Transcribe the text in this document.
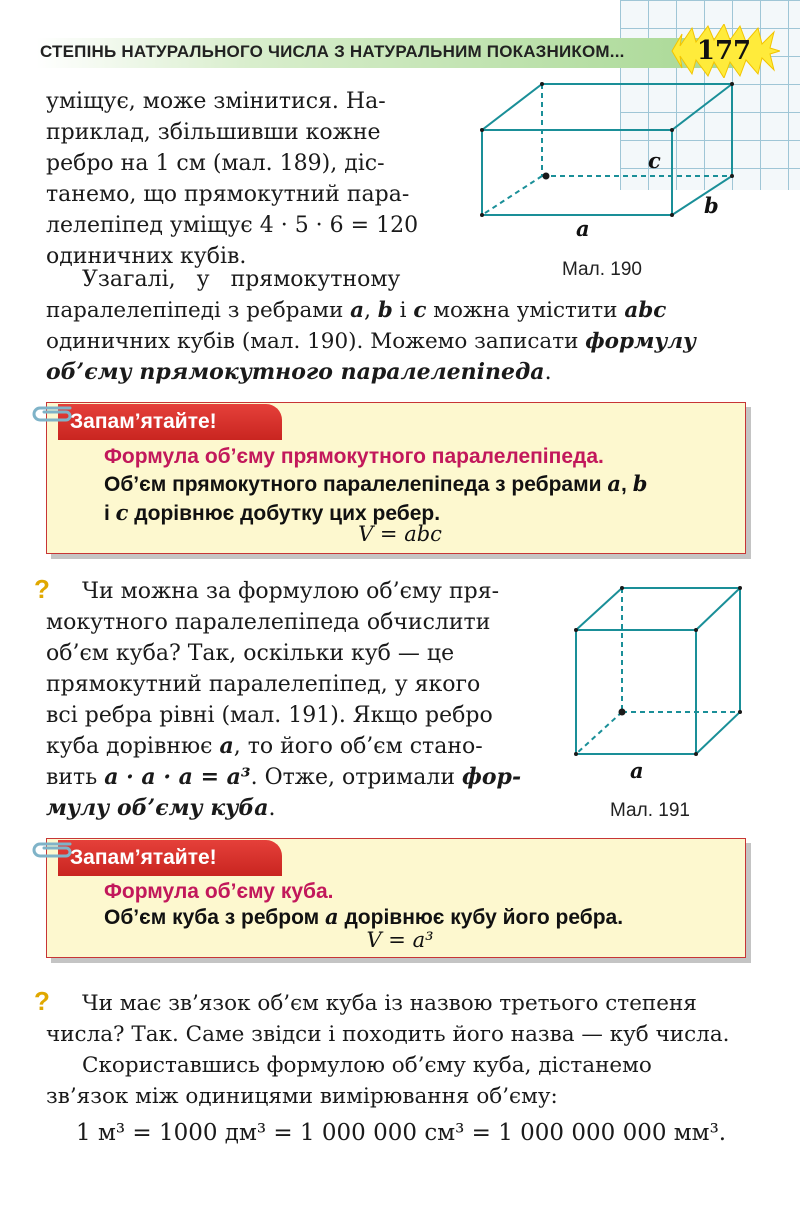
СТЕПІНЬ НАТУРАЛЬНОГО ЧИСЛА З НАТУРАЛЬНИМ ПОКАЗНИКОМ...	177

уміщує, може змінитися. На-

приклад, збільшивши кожне

ребро на 1 см (мал. 189), діс-

танемо, що прямокутний пара-

лелепіпед уміщує 4 · 5 · 6 = 120

одиничних кубів.

c
b
a
Мал. 190

Узагалі,   у   прямокутному

паралелепіпеді з ребрами a, b і c можна умістити abc

одиничних кубів (мал. 190). Можемо записати формулу

об’єму прямокутного паралелепіпеда.

Запам’ятайте!
Формула об’єму прямокутного паралелепіпеда.
Об’єм прямокутного паралелепіпеда з ребрами a, b
і c дорівнює добутку цих ребер.
V = abc
?	Чи можна за формулою об’єму пря-

мокутного паралелепіпеда обчислити

об’єм куба? Так, оскільки куб — це

прямокутний паралелепіпед, у якого

всі ребра рівні (мал. 191). Якщо ребро

куба дорівнює a, то його об’єм стано-

вить a · a · a = a³. Отже, отримали фор-

мулу об’єму куба.

a
Мал. 191
Запам’ятайте!
Формула об’єму куба.
Об’єм куба з ребром a дорівнює кубу його ребра.
V = a³
?	Чи має зв’язок об’єм куба із назвою третього степеня

числа? Так. Саме звідси і походить його назва — куб числа.

Скориставшись формулою об’єму куба, дістанемо

зв’язок між одиницями вимірювання об’єму:

1 м³ = 1000 дм³ = 1 000 000 см³ = 1 000 000 000 мм³.
